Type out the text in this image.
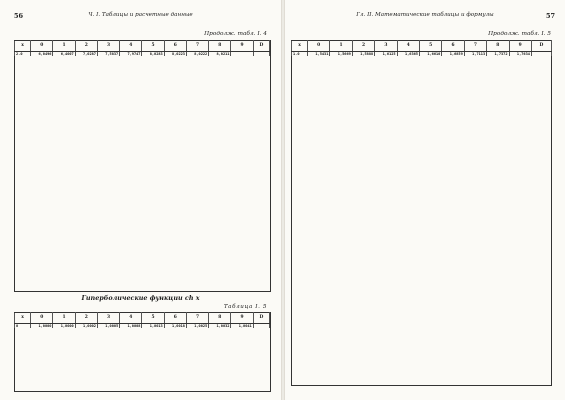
56	Ч. I. Таблицы и расчетные данные
Продолж. табл. I. 4
x	0	1	2	3	4	5	6	7	8	9	D
2.0	6,0496	6,4007	7,0287	7,5837	7,9747	8,0283	8,0223	8,0222	8,0211		
Гиперболические функции ch x
Таблица I. 5
x	0	1	2	3	4	5	6	7	8	9	D
0	1,0000	1,0000	1,0002	1,0005	1,0008	1,0013	1,0018	1,0025	1,0032	1,0041	
Гл. II. Математические таблицы и формулы	57
Продолж. табл. I. 5
x	0	1	2	3	4	5	6	7	8	9	D
1.0	1,5431	1,5669	1,5888	1,6125	1,6365	1,6610	1,6859	1,7113	1,7372	1,7634	
